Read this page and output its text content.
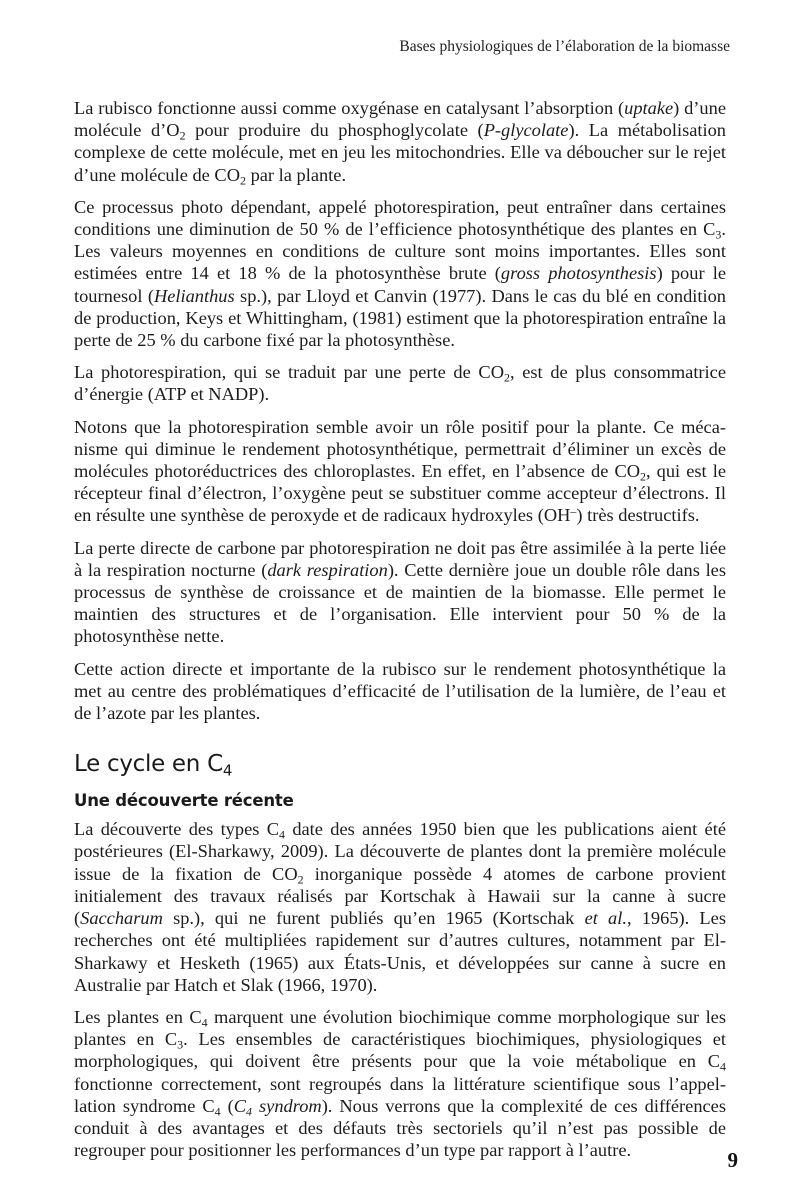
Bases physiologiques de l’élaboration de la biomasse

La rubisco fonctionne aussi comme oxygénase en catalysant l’absorption (uptake) d’une molécule $d’O_2$ pour produire du phosphoglycolate (P-glycolate). La métabolisation complexe de cette molécule, met en jeu les mitochondries. Elle va déboucher sur le rejet d’une molécule de $CO_2$ par la plante.

Ce processus photo dépendant, appelé photorespiration, peut entraîner dans certaines conditions une diminution de 50 % de l’efficience photosynthétique des plantes en $C_3$. Les valeurs moyennes en conditions de culture sont moins importantes. Elles sont estimées entre 14 et 18 % de la photosynthèse brute (gross photosynthesis) pour le tournesol (Helianthus sp.), par Lloyd et Canvin (1977). Dans le cas du blé en condition de production, Keys et Whittingham, (1981) estiment que la photorespiration entraîne la perte de 25 % du carbone fixé par la photosynthèse.

La photorespiration, qui se traduit par une perte de $CO_2$, est de plus consommatrice d’énergie (ATP et NADP).

Notons que la photorespiration semble avoir un rôle positif pour la plante. Ce mécanisme qui diminue le rendement photosynthétique, permettrait d’éliminer un excès de molécules photoréductrices des chloroplastes. En effet, en l’absence de $CO_2$, qui est le récepteur final d’électron, l’oxygène peut se substituer comme accepteur d’électrons. Il en résulte une synthèse de peroxyde et de radicaux hydroxyles (OH–) très destructifs.

La perte directe de carbone par photorespiration ne doit pas être assimilée à la perte liée à la respiration nocturne (dark respiration). Cette dernière joue un double rôle dans les processus de synthèse de croissance et de maintien de la biomasse. Elle permet le maintien des structures et de l’organisation. Elle intervient pour 50 % de la photosynthèse nette.

Cette action directe et importante de la rubisco sur le rendement photosynthétique la met au centre des problématiques d’efficacité de l’utilisation de la lumière, de l’eau et de l’azote par les plantes.

Le cycle en $C_4$
Une découverte récente

La découverte des types $C_4$ date des années 1950 bien que les publications aient été postérieures (El-Sharkawy, 2009). La découverte de plantes dont la première molécule issue de la fixation de $CO_2$ inorganique possède 4 atomes de carbone provient initialement des travaux réalisés par Kortschak à Hawaii sur la canne à sucre (Saccharum sp.), qui ne furent publiés qu’en 1965 (Kortschak et al., 1965). Les recherches ont été multipliées rapidement sur d’autres cultures, notamment par El-Sharkawy et Hesketh (1965) aux États-Unis, et développées sur canne à sucre en Australie par Hatch et Slak (1966, 1970).

Les plantes en $C_4$ marquent une évolution biochimique comme morphologique sur les plantes en $C_3$. Les ensembles de caractéristiques biochimiques, physiologiques et morphologiques, qui doivent être présents pour que la voie métabolique en $C_4$ fonctionne correctement, sont regroupés dans la littérature scientifique sous l’appellation syndrome $C_4$ ($C_4$ syndrom). Nous verrons que la complexité de ces différences conduit à des avantages et des défauts très sectoriels qu’il n’est pas possible de regrouper pour positionner les performances d’un type par rapport à l’autre.	9
